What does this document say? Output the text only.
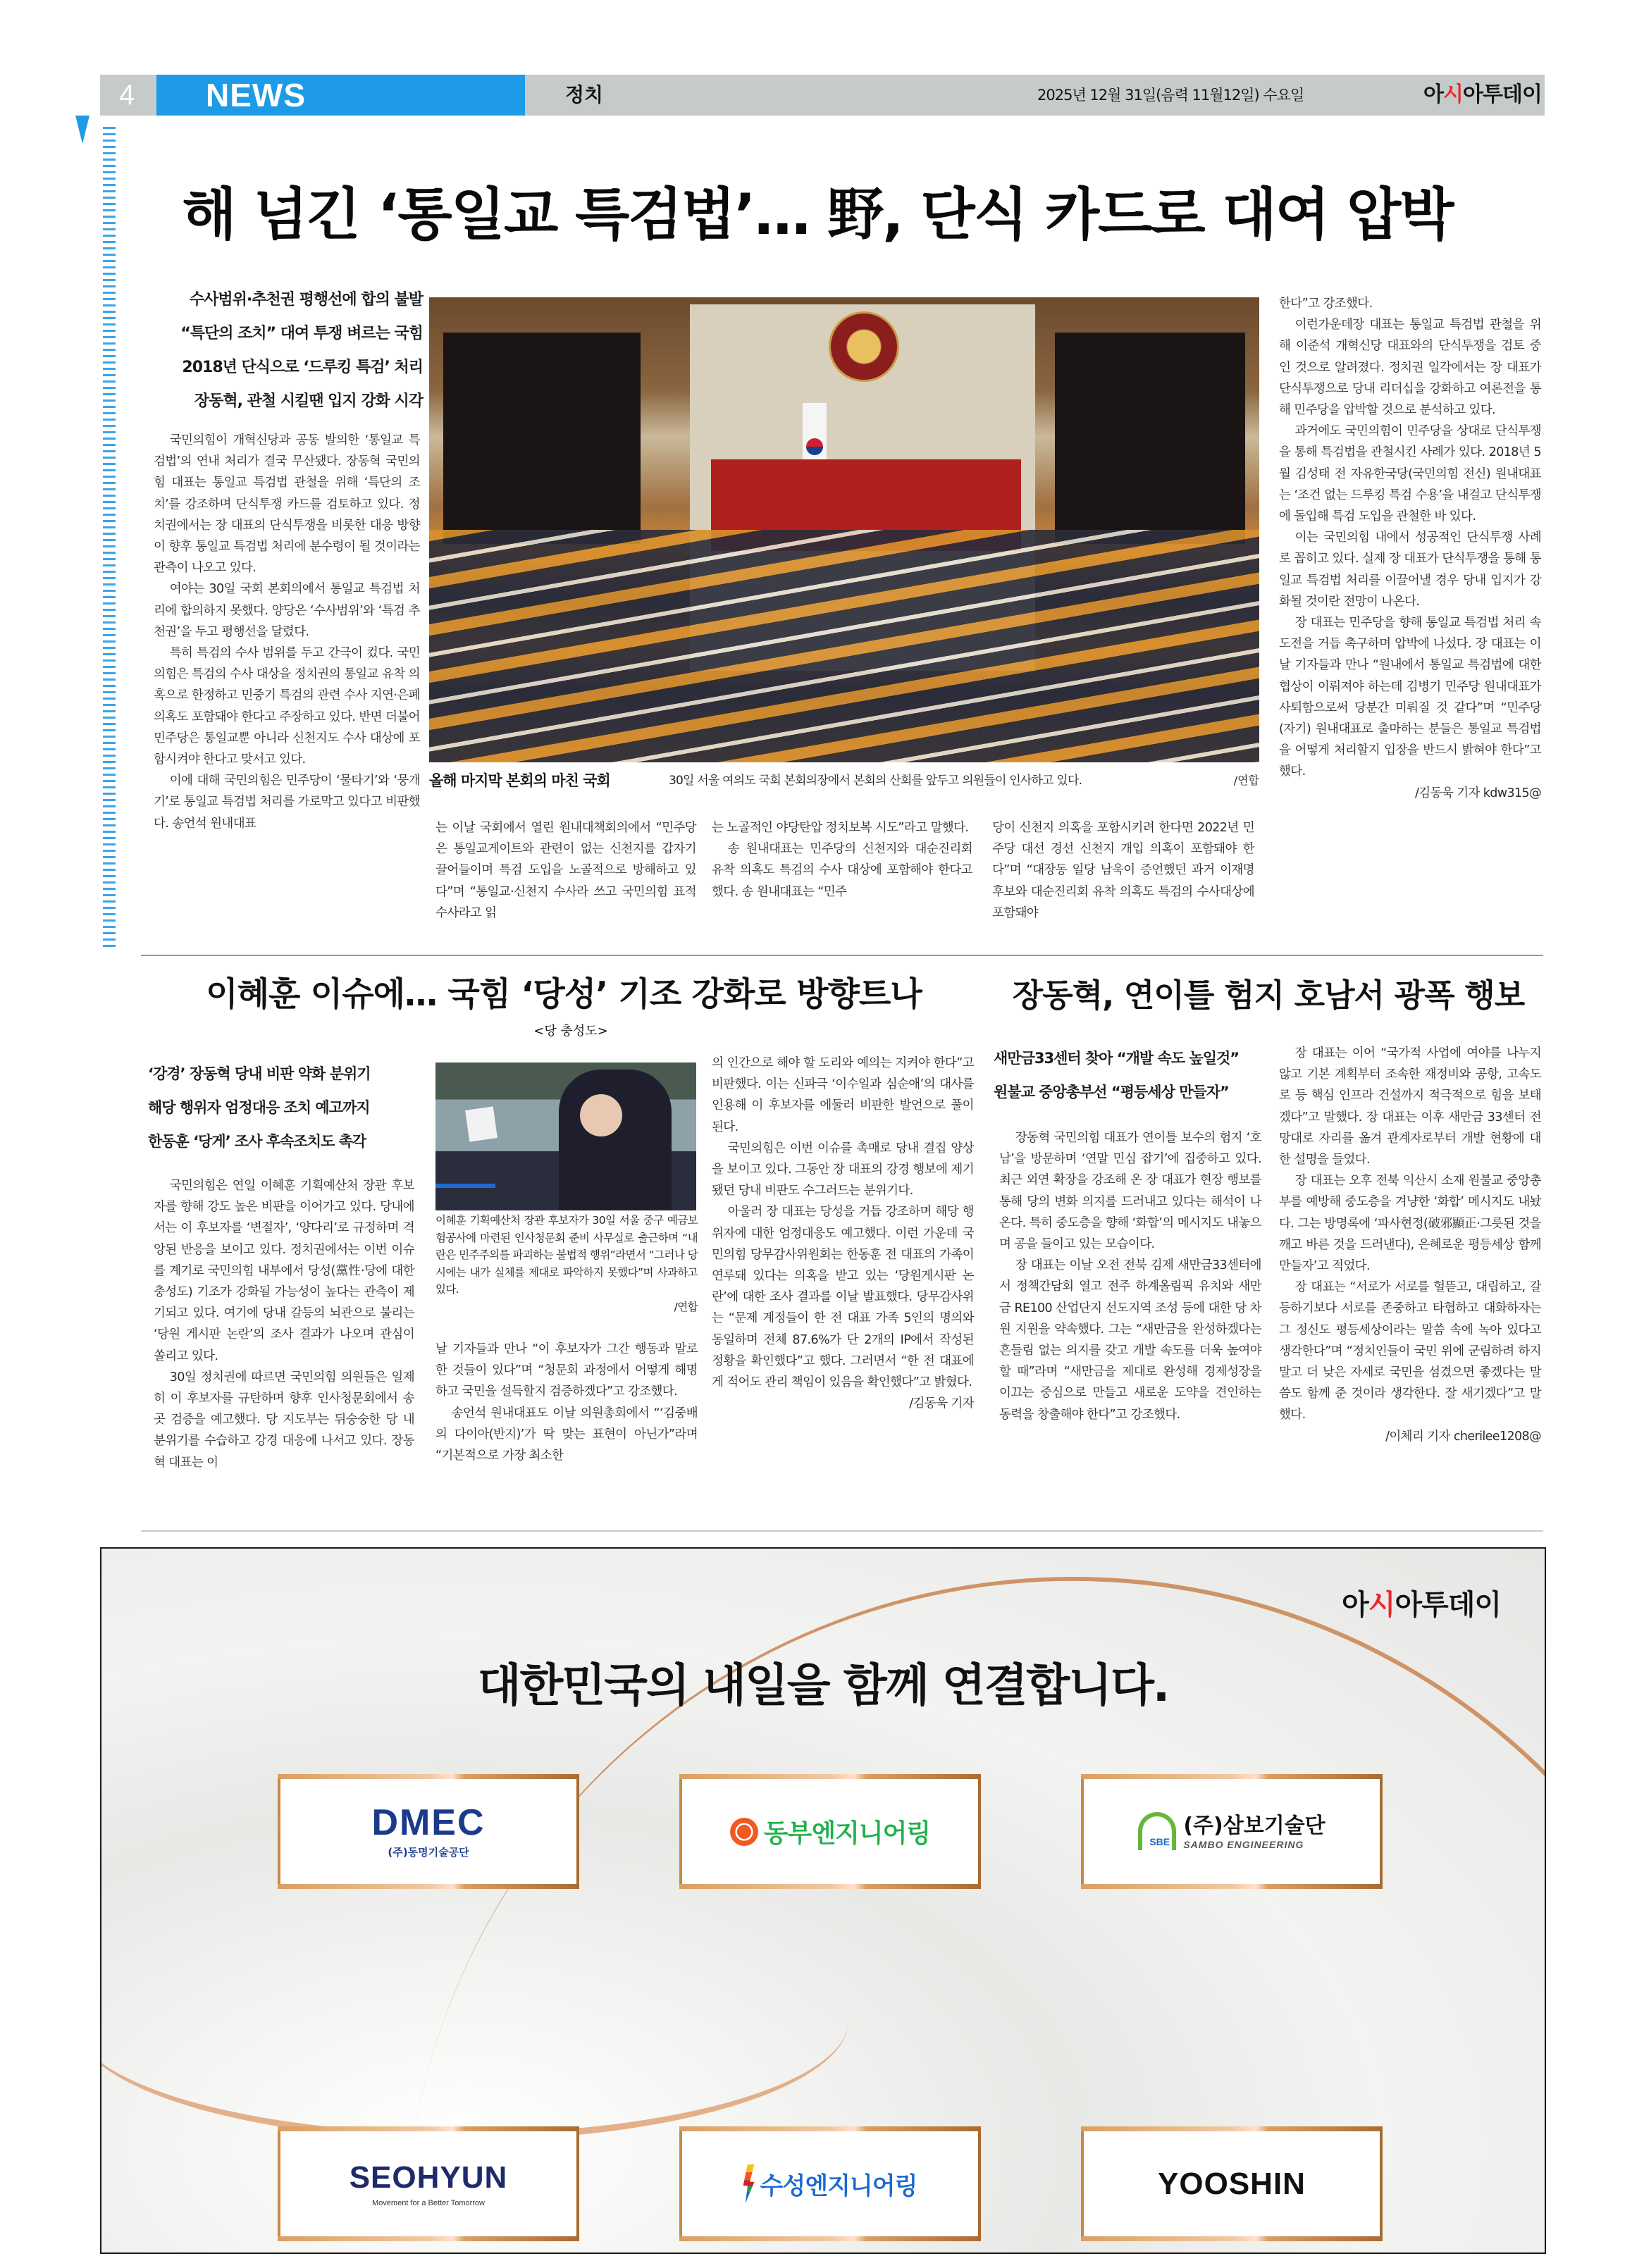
4	NEWS	정치	2025년 12월 31일(음력 11월12일) 수요일	아시아투데이
해 넘긴 ‘통일교 특검법’… 野, 단식 카드로 대여 압박
수사범위·추천권 평행선에 합의 불발
“특단의 조치” 대여 투쟁 벼르는 국힘
2018년 단식으로 ‘드루킹 특검’ 처리
장동혁, 관철 시킬땐 입지 강화 시각

국민의힘이 개혁신당과 공동 발의한 ‘통일교 특검법’의 연내 처리가 결국 무산됐다. 장동혁 국민의힘 대표는 통일교 특검법 관철을 위해 ‘특단의 조치’를 강조하며 단식투쟁 카드를 검토하고 있다. 정치권에서는 장 대표의 단식투쟁을 비롯한 대응 방향이 향후 통일교 특검법 처리에 분수령이 될 것이라는 관측이 나오고 있다.

여야는 30일 국회 본회의에서 통일교 특검법 처리에 합의하지 못했다. 양당은 ‘수사범위’와 ‘특검 추천권’을 두고 평행선을 달렸다.

특히 특검의 수사 범위를 두고 간극이 컸다. 국민의힘은 특검의 수사 대상을 정치권의 통일교 유착 의혹으로 한정하고 민중기 특검의 관련 수사 지연·은폐 의혹도 포함돼야 한다고 주장하고 있다. 반면 더불어민주당은 통일교뿐 아니라 신천지도 수사 대상에 포함시켜야 한다고 맞서고 있다.

이에 대해 국민의힘은 민주당이 ‘물타기’와 ‘뭉개기’로 통일교 특검법 처리를 가로막고 있다고 비판했다. 송언석 원내대표

올해 마지막 본회의 마친 국회	30일 서울 여의도 국회 본회의장에서 본회의 산회를 앞두고 의원들이 인사하고 있다.	/연합

는 이날 국회에서 열린 원내대책회의에서 “민주당은 통일교게이트와 관련이 없는 신천지를 갑자기 끌어들이며 특검 도입을 노골적으로 방해하고 있다”며 “통일교·신천지 수사라 쓰고 국민의힘 표적수사라고 읽

는 노골적인 야당탄압 정치보복 시도”라고 말했다.

송 원내대표는 민주당의 신천지와 대순진리회 유착 의혹도 특검의 수사 대상에 포함해야 한다고 했다. 송 원내대표는 “민주

당이 신천지 의혹을 포함시키려 한다면 2022년 민주당 대선 경선 신천지 개입 의혹이 포함돼야 한다”며 “대장동 일당 남욱이 증언했던 과거 이재명 후보와 대순진리회 유착 의혹도 특검의 수사대상에 포함돼야

한다”고 강조했다.

이런가운데장 대표는 통일교 특검법 관철을 위해 이준석 개혁신당 대표와의 단식투쟁을 검토 중인 것으로 알려졌다. 정치권 일각에서는 장 대표가 단식투쟁으로 당내 리더십을 강화하고 여론전을 통해 민주당을 압박할 것으로 분석하고 있다.

과거에도 국민의힘이 민주당을 상대로 단식투쟁을 통해 특검법을 관철시킨 사례가 있다. 2018년 5월 김성태 전 자유한국당(국민의힘 전신) 원내대표는 ‘조건 없는 드루킹 특검 수용’을 내걸고 단식투쟁에 돌입해 특검 도입을 관철한 바 있다.

이는 국민의힘 내에서 성공적인 단식투쟁 사례로 꼽히고 있다. 실제 장 대표가 단식투쟁을 통해 통일교 특검법 처리를 이끌어낼 경우 당내 입지가 강화될 것이란 전망이 나온다.

장 대표는 민주당을 향해 통일교 특검법 처리 속도전을 거듭 촉구하며 압박에 나섰다. 장 대표는 이날 기자들과 만나 “원내에서 통일교 특검법에 대한 협상이 이뤄져야 하는데 김병기 민주당 원내대표가 사퇴함으로써 당분간 미뤄질 것 같다”며 “민주당(자기) 원내대표로 출마하는 분들은 통일교 특검법을 어떻게 처리할지 입장을 반드시 밝혀야 한다”고 했다.

/김동욱 기자 kdw315@

이혜훈 이슈에… 국힘 ‘당성’ 기조 강화로 방향트나
<당 충성도>
‘강경’ 장동혁 당내 비판 약화 분위기
해당 행위자 엄정대응 조치 예고까지
한동훈 ‘당게’ 조사 후속조치도 촉각

국민의힘은 연일 이혜훈 기획예산처 장관 후보자를 향해 강도 높은 비판을 이어가고 있다. 당내에서는 이 후보자를 ‘변절자’, ‘양다리’로 규정하며 격앙된 반응을 보이고 있다. 정치권에서는 이번 이슈를 계기로 국민의힘 내부에서 당성(黨性·당에 대한 충성도) 기조가 강화될 가능성이 높다는 관측이 제기되고 있다. 여기에 당내 갈등의 뇌관으로 불리는 ‘당원 게시판 논란’의 조사 결과가 나오며 관심이 쏠리고 있다.

30일 정치권에 따르면 국민의힘 의원들은 일제히 이 후보자를 규탄하며 향후 인사청문회에서 송곳 검증을 예고했다. 당 지도부는 뒤숭숭한 당 내 분위기를 수습하고 강경 대응에 나서고 있다. 장동혁 대표는 이

이혜훈 기획예산처 장관 후보자가 30일 서울 중구 예금보험공사에 마련된 인사청문회 준비 사무실로 출근하며 “내란은 민주주의를 파괴하는 불법적 행위”라면서 “그러나 당시에는 내가 실체를 제대로 파악하지 못했다”며 사과하고 있다.
/연합

날 기자들과 만나 “이 후보자가 그간 행동과 말로 한 것들이 있다”며 “청문회 과정에서 어떻게 해명하고 국민을 설득할지 검증하겠다”고 강조했다.

송언석 원내대표도 이날 의원총회에서 “‘김중배의 다이아(반지)’가 딱 맞는 표현이 아닌가”라며 “기본적으로 가장 최소한

의 인간으로 해야 할 도리와 예의는 지켜야 한다”고 비판했다. 이는 신파극 ‘이수일과 심순애’의 대사를 인용해 이 후보자를 에둘러 비판한 발언으로 풀이된다.

국민의힘은 이번 이슈를 촉매로 당내 결집 양상을 보이고 있다. 그동안 장 대표의 강경 행보에 제기됐던 당내 비판도 수그러드는 분위기다.

아울러 장 대표는 당성을 거듭 강조하며 해당 행위자에 대한 엄정대응도 예고했다. 이런 가운데 국민의힘 당무감사위원회는 한동훈 전 대표의 가족이 연루돼 있다는 의혹을 받고 있는 ‘당원게시판 논란’에 대한 조사 결과를 이날 발표했다. 당무감사위는 “문제 계정들이 한 전 대표 가족 5인의 명의와 동일하며 전체 87.6%가 단 2개의 IP에서 작성된 정황을 확인했다”고 했다. 그러면서 “한 전 대표에게 적어도 관리 책임이 있음을 확인했다”고 밝혔다.

/김동욱 기자

장동혁, 연이틀 험지 호남서 광폭 행보
새만금33센터 찾아 “개발 속도 높일것”
원불교 중앙총부선 “평등세상 만들자”

장동혁 국민의힘 대표가 연이틀 보수의 험지 ‘호남’을 방문하며 ‘연말 민심 잡기’에 집중하고 있다. 최근 외연 확장을 강조해 온 장 대표가 현장 행보를 통해 당의 변화 의지를 드러내고 있다는 해석이 나온다. 특히 중도층을 향해 ‘화합’의 메시지도 내놓으며 공을 들이고 있는 모습이다.

장 대표는 이날 오전 전북 김제 새만금33센터에서 정책간담회 열고 전주 하계올림픽 유치와 새만금 RE100 산업단지 선도지역 조성 등에 대한 당 차원 지원을 약속했다. 그는 “새만금을 완성하겠다는 흔들림 없는 의지를 갖고 개발 속도를 더욱 높여야 할 때”라며 “새만금을 제대로 완성해 경제성장을 이끄는 중심으로 만들고 새로운 도약을 견인하는 동력을 창출해야 한다”고 강조했다.

장 대표는 이어 “국가적 사업에 여야를 나누지 않고 기본 계획부터 조속한 재정비와 공항, 고속도로 등 핵심 인프라 건설까지 적극적으로 힘을 보태겠다”고 말했다. 장 대표는 이후 새만금 33센터 전망대로 자리를 옮겨 관계자로부터 개발 현황에 대한 설명을 들었다.

장 대표는 오후 전북 익산시 소재 원불교 중앙총부를 예방해 중도층을 겨냥한 ‘화합’ 메시지도 내놨다. 그는 방명록에 ‘파사현정(破邪顯正·그릇된 것을 깨고 바른 것을 드러낸다), 은혜로운 평등세상 함께 만들자’고 적었다.

장 대표는 “서로가 서로를 헐뜯고, 대립하고, 갈등하기보다 서로를 존중하고 타협하고 대화하자는 그 정신도 평등세상이라는 말씀 속에 녹아 있다고 생각한다”며 “정치인들이 국민 위에 군림하려 하지 말고 더 낮은 자세로 국민을 섬겼으면 좋겠다는 말씀도 함께 준 것이라 생각한다. 잘 새기겠다”고 말했다.

/이체리 기자 cherilee1208@

아시아투데이
대한민국의 내일을 함께 연결합니다.
DMEC
(주)동명기술공단
동부엔지니어링	SBE
(주)삼보기술단
SAMBO ENGINEERING
SEOHYUN
Movement for a Better Tomorrow
수성엔지니어링	YOOSHIN
